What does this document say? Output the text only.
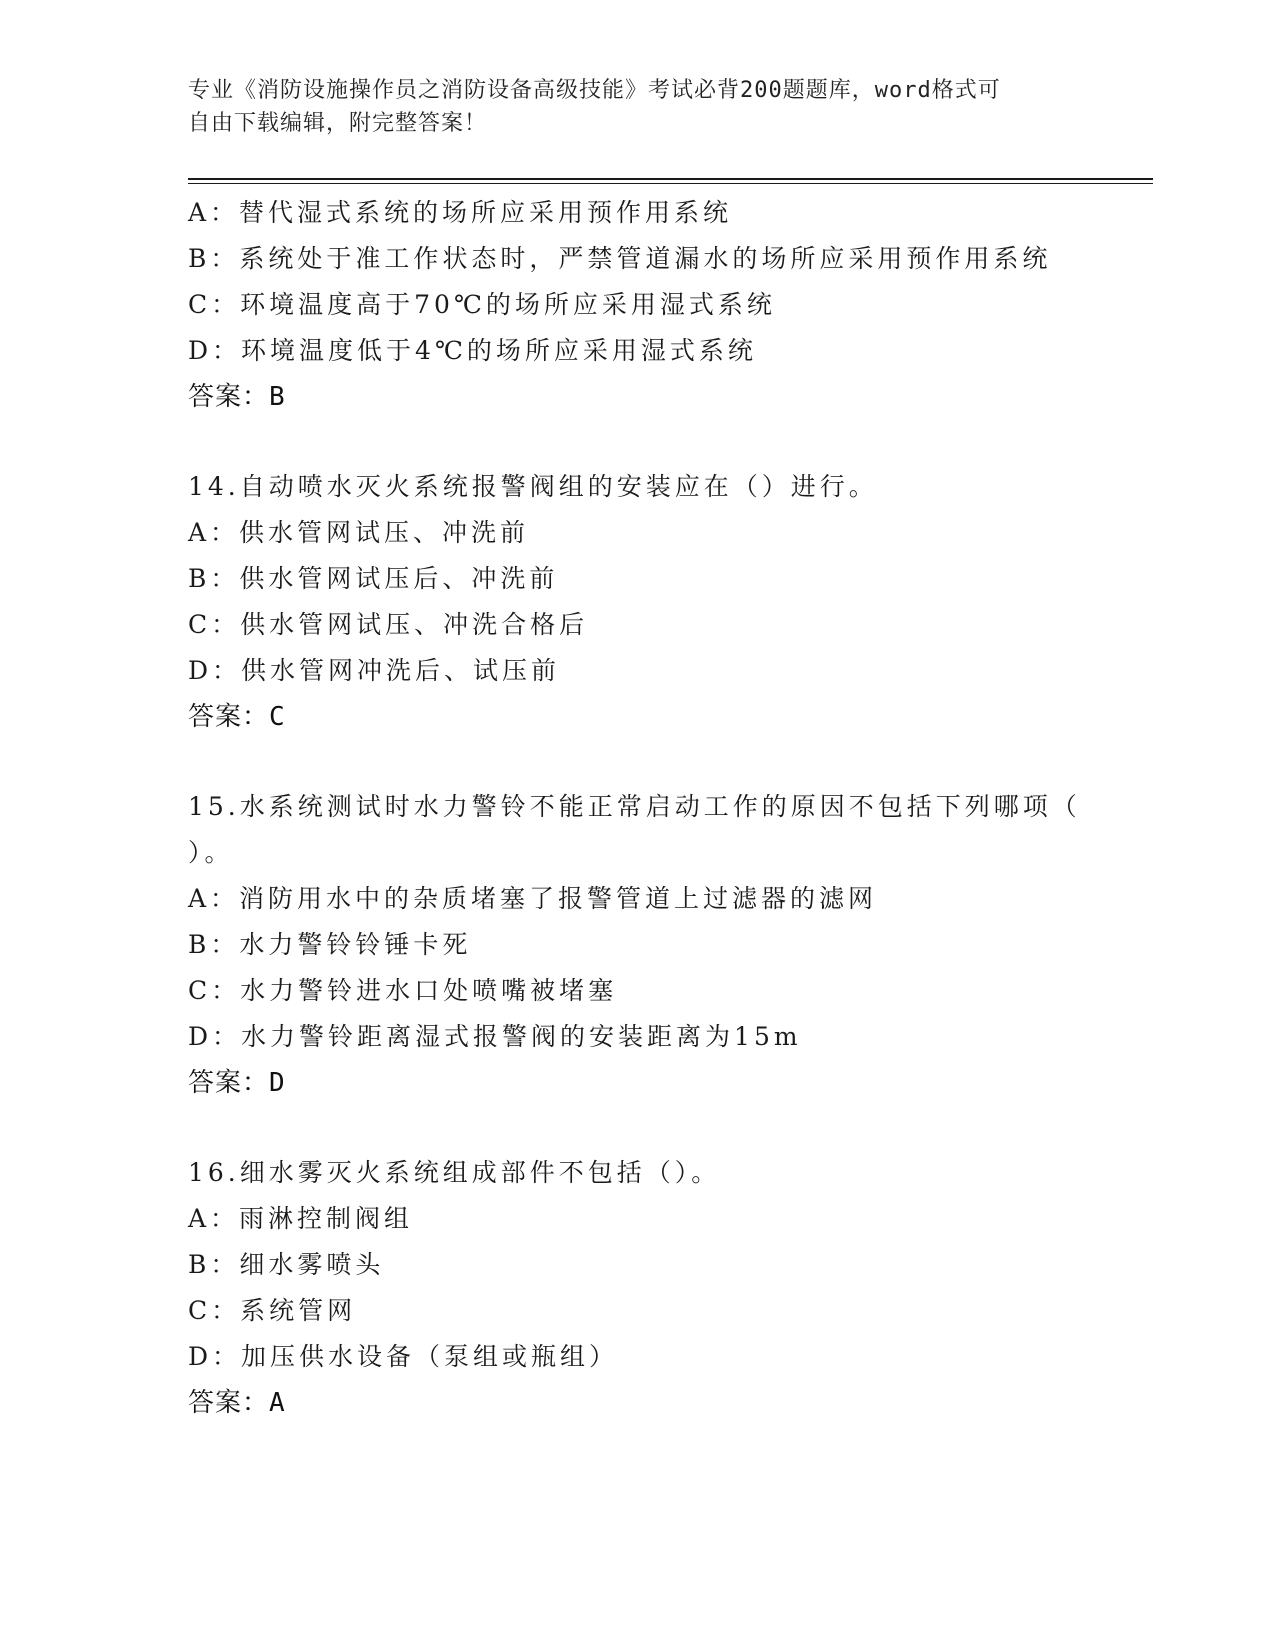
专业《消防设施操作员之消防设备高级技能》考试必背200题题库，word格式可
自由下载编辑，附完整答案！
A：替代湿式系统的场所应采用预作用系统
B：系统处于准工作状态时，严禁管道漏水的场所应采用预作用系统
C：环境温度高于70℃的场所应采用湿式系统
D：环境温度低于4℃的场所应采用湿式系统
答案：B
14.自动喷水灭火系统报警阀组的安装应在（）进行。
A：供水管网试压、冲洗前
B：供水管网试压后、冲洗前
C：供水管网试压、冲洗合格后
D：供水管网冲洗后、试压前
答案：C
15.水系统测试时水力警铃不能正常启动工作的原因不包括下列哪项（
）。
A：消防用水中的杂质堵塞了报警管道上过滤器的滤网
B：水力警铃铃锤卡死
C：水力警铃进水口处喷嘴被堵塞
D：水力警铃距离湿式报警阀的安装距离为15m
答案：D
16.细水雾灭火系统组成部件不包括（）。
A：雨淋控制阀组
B：细水雾喷头
C：系统管网
D：加压供水设备（泵组或瓶组）
答案：A
